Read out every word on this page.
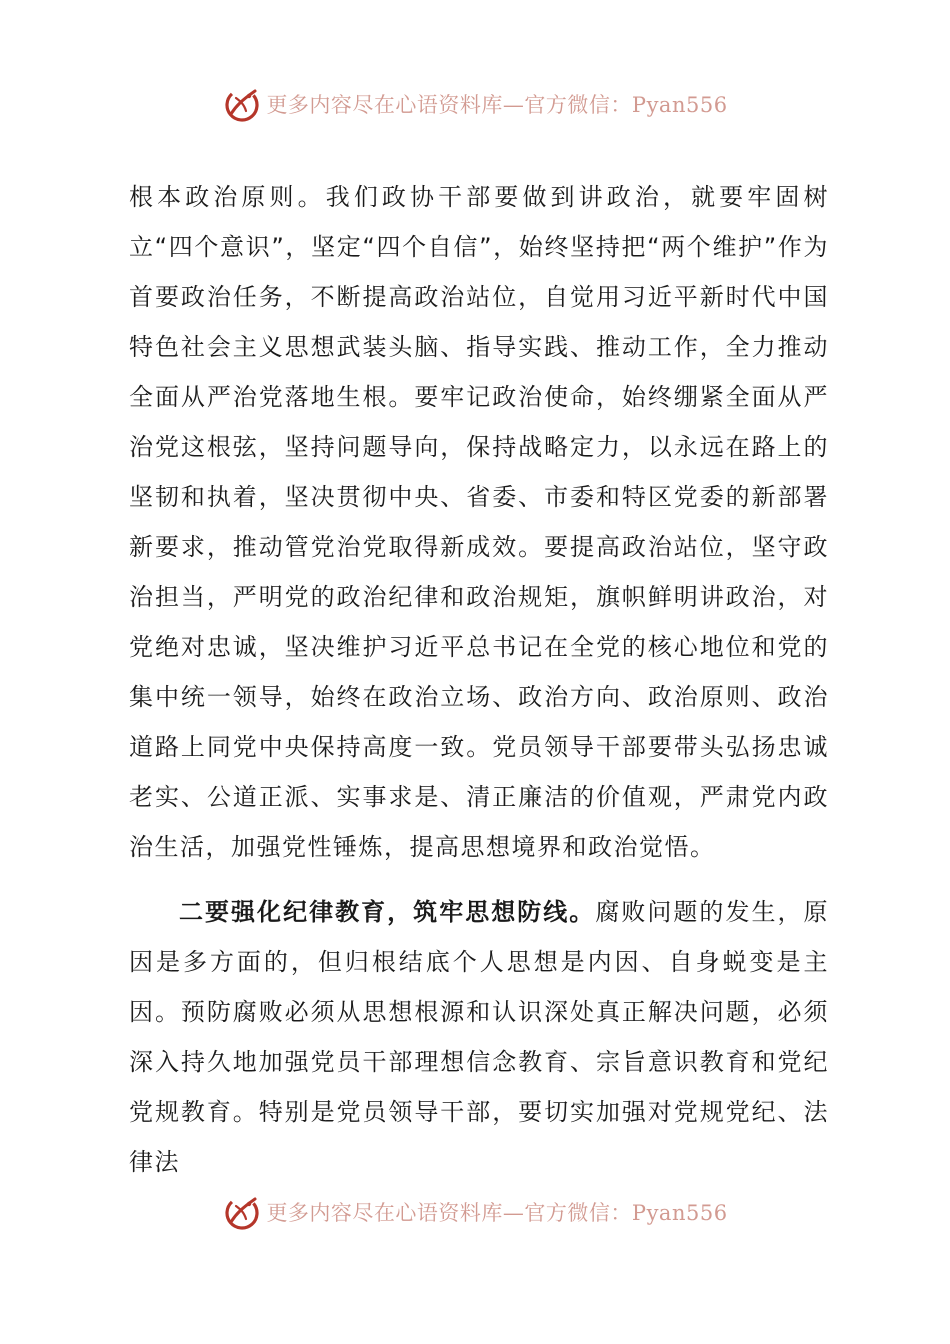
更多内容尽在心语资料库—官方微信：Pyan556

根本政治原则。我们政协干部要做到讲政治，就要牢固树立“四个意识”，坚定“四个自信”，始终坚持把“两个维护”作为首要政治任务，不断提高政治站位，自觉用习近平新时代中国特色社会主义思想武装头脑、指导实践、推动工作，全力推动全面从严治党落地生根。要牢记政治使命，始终绷紧全面从严治党这根弦，坚持问题导向，保持战略定力，以永远在路上的坚韧和执着，坚决贯彻中央、省委、市委和特区党委的新部署新要求，推动管党治党取得新成效。要提高政治站位，坚守政治担当，严明党的政治纪律和政治规矩，旗帜鲜明讲政治，对党绝对忠诚，坚决维护习近平总书记在全党的核心地位和党的集中统一领导，始终在政治立场、政治方向、政治原则、政治道路上同党中央保持高度一致。党员领导干部要带头弘扬忠诚老实、公道正派、实事求是、清正廉洁的价值观，严肃党内政治生活，加强党性锤炼，提高思想境界和政治觉悟。

二要强化纪律教育，筑牢思想防线。腐败问题的发生，原因是多方面的，但归根结底个人思想是内因、自身蜕变是主因。预防腐败必须从思想根源和认识深处真正解决问题，必须深入持久地加强党员干部理想信念教育、宗旨意识教育和党纪党规教育。特别是党员领导干部，要切实加强对党规党纪、法律法

更多内容尽在心语资料库—官方微信：Pyan556
